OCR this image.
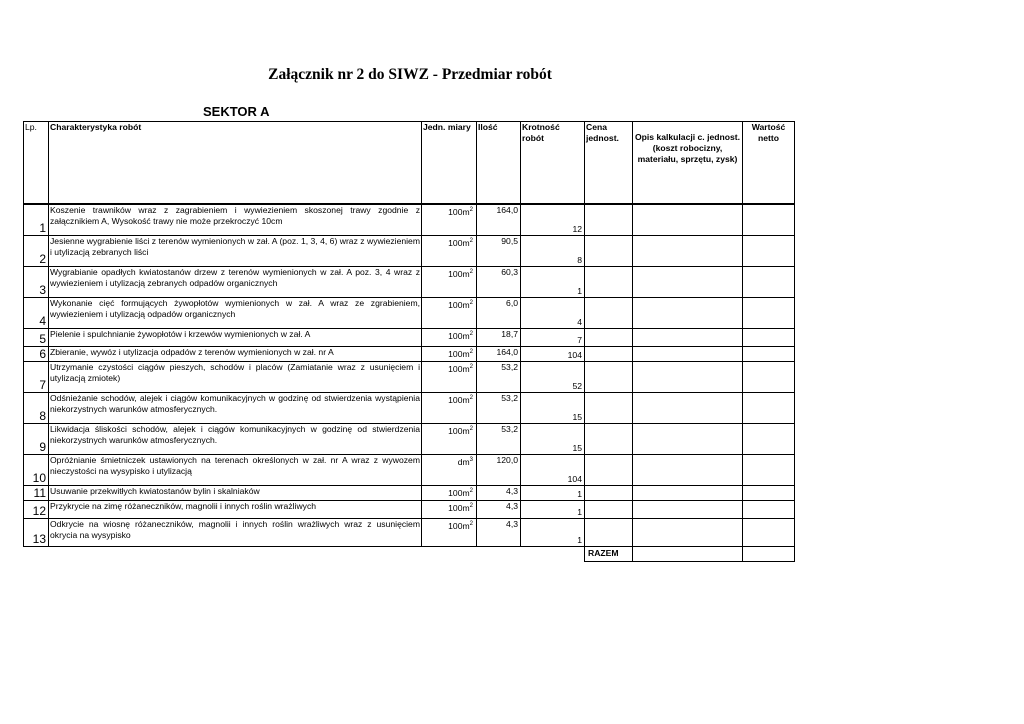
Załącznik nr 2 do SIWZ - Przedmiar robót
SEKTOR A
Lp.	Charakterystyka robót	Jedn. miary	Ilość	Krotność robót	Cena jednost.	Opis kalkulacji c. jednost. (koszt robocizny, materiału, sprzętu, zysk)	Wartość netto
1	Koszenie trawników wraz z zagrabieniem i wywiezieniem skoszonej trawy zgodnie z załącznikiem A, Wysokość trawy nie może przekroczyć 10cm	$100m^2$	164,0	12			
2	Jesienne wygrabienie liści z terenów wymienionych w zał. A (poz. 1, 3, 4, 6) wraz z wywiezieniem i utylizacją zebranych liści	$100m^2$	90,5	8			
3	Wygrabianie opadłych kwiatostanów drzew z terenów wymienionych w zał. A poz. 3, 4 wraz z wywiezieniem i utylizacją zebranych odpadów organicznych	$100m^2$	60,3	1			
4	Wykonanie cięć formujących żywopłotów wymienionych w zał. A wraz ze zgrabieniem, wywiezieniem i utylizacją odpadów organicznych	$100m^2$	6,0	4			
5	Pielenie i spulchnianie żywopłotów i krzewów wymienionych w zał. A	$100m^2$	18,7	7			
6	Zbieranie, wywóz i utylizacja odpadów z terenów wymienionych w zał. nr A	$100m^2$	164,0	104			
7	Utrzymanie czystości ciągów pieszych, schodów i placów (Zamiatanie wraz z usunięciem i utylizacją zmiotek)	$100m^2$	53,2	52			
8	Odśnieżanie schodów, alejek i ciągów komunikacyjnych w godzinę od stwierdzenia wystąpienia niekorzystnych warunków atmosferycznych.	$100m^2$	53,2	15			
9	Likwidacja śliskości schodów, alejek i ciągów komunikacyjnych w godzinę od stwierdzenia niekorzystnych warunków atmosferycznych.	$100m^2$	53,2	15			
10	Opróżnianie śmietniczek ustawionych na terenach określonych w zał. nr A wraz z wywozem nieczystości na wysypisko i utylizacją	$dm^3$	120,0	104			
11	Usuwanie przekwitłych kwiatostanów bylin i skalniaków	$100m^2$	4,3	1			
12	Przykrycie na zimę różaneczników, magnolii i innych roślin wrażliwych	$100m^2$	4,3	1			
13	Odkrycie na wiosnę różaneczników, magnolii i innych roślin wrażliwych wraz z usunięciem okrycia na wysypisko	$100m^2$	4,3	1			
					RAZEM		
